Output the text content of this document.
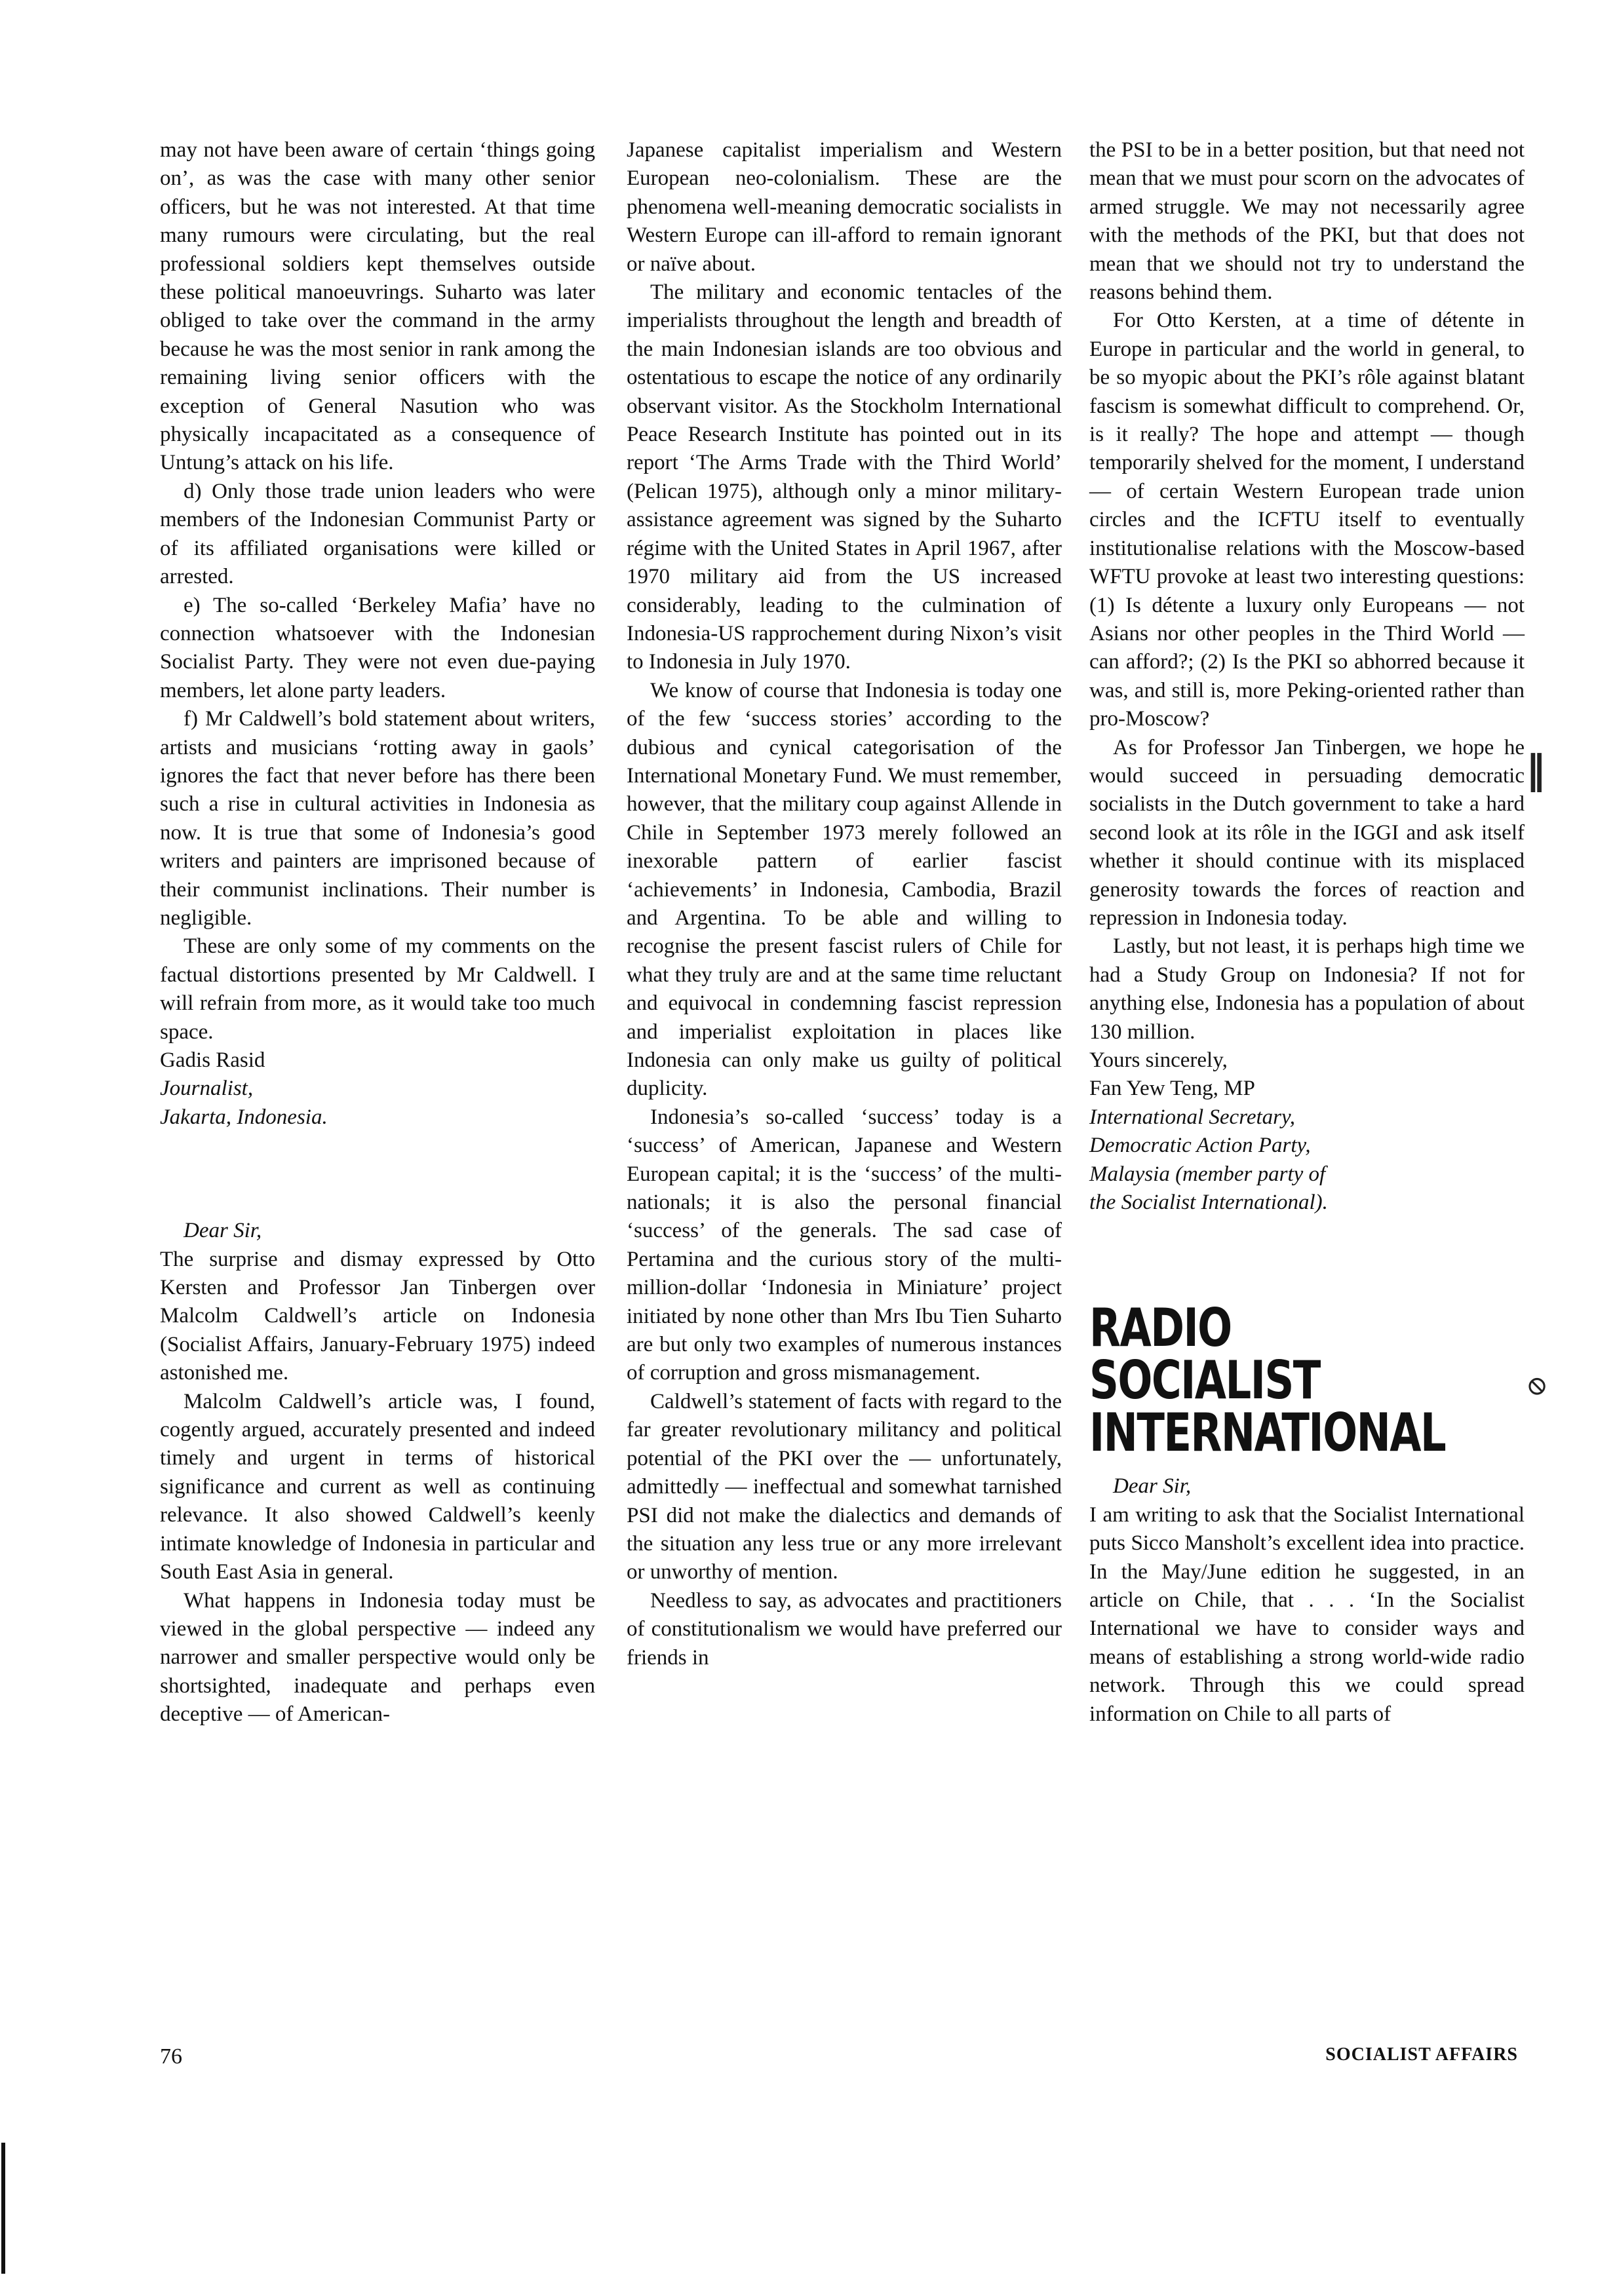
may not have been aware of certain ‘things going on’, as was the case with many other senior officers, but he was not interested. At that time many rumours were circulating, but the real professional soldiers kept themselves outside these political manoeuvrings. Suharto was later obliged to take over the command in the army because he was the most senior in rank among the remaining living senior officers with the exception of General Nasution who was physically incapacitated as a consequence of Untung’s attack on his life.

d) Only those trade union leaders who were members of the Indonesian Communist Party or of its affiliated organisations were killed or arrested.

e) The so-called ‘Berkeley Mafia’ have no connection whatsoever with the Indonesian Socialist Party. They were not even due-paying members, let alone party leaders.

f) Mr Caldwell’s bold statement about writers, artists and musicians ‘rotting away in gaols’ ignores the fact that never before has there been such a rise in cultural activities in Indonesia as now. It is true that some of Indonesia’s good writers and painters are imprisoned because of their communist inclinations. Their number is negligible.

These are only some of my comments on the factual distortions presented by Mr Caldwell. I will refrain from more, as it would take too much space.

Gadis Rasid

Journalist,

Jakarta, Indonesia.

Dear Sir,

The surprise and dismay expressed by Otto Kersten and Professor Jan Tinbergen over Malcolm Caldwell’s article on Indonesia (Socialist Affairs, January-February 1975) indeed astonished me.

Malcolm Caldwell’s article was, I found, cogently argued, accurately presented and indeed timely and urgent in terms of historical significance and current as well as continuing relevance. It also showed Caldwell’s keenly intimate knowledge of Indonesia in particular and South East Asia in general.

What happens in Indonesia today must be viewed in the global perspective — indeed any narrower and smaller perspective would only be shortsighted, inadequate and perhaps even deceptive — of American-

Japanese capitalist imperialism and Western European neo-colonialism. These are the phenomena well-meaning democratic socialists in Western Europe can ill-afford to remain ignorant or naïve about.

The military and economic tentacles of the imperialists throughout the length and breadth of the main Indonesian islands are too obvious and ostentatious to escape the notice of any ordinarily observant visitor. As the Stockholm International Peace Research Institute has pointed out in its report ‘The Arms Trade with the Third World’ (Pelican 1975), although only a minor military-assistance agreement was signed by the Suharto régime with the United States in April 1967, after 1970 military aid from the US increased considerably, leading to the culmination of Indonesia-US rapprochement during Nixon’s visit to Indonesia in July 1970.

We know of course that Indonesia is today one of the few ‘success stories’ according to the dubious and cynical categorisation of the International Monetary Fund. We must remember, however, that the military coup against Allende in Chile in September 1973 merely followed an inexorable pattern of earlier fascist ‘achievements’ in Indonesia, Cambodia, Brazil and Argentina. To be able and willing to recognise the present fascist rulers of Chile for what they truly are and at the same time reluctant and equivocal in condemning fascist repression and imperialist exploitation in places like Indonesia can only make us guilty of political duplicity.

Indonesia’s so-called ‘success’ today is a ‘success’ of American, Japanese and Western European capital; it is the ‘success’ of the multi-nationals; it is also the personal financial ‘success’ of the generals. The sad case of Pertamina and the curious story of the multi-million-dollar ‘Indonesia in Miniature’ project initiated by none other than Mrs Ibu Tien Suharto are but only two examples of numerous instances of corruption and gross mismanagement.

Caldwell’s statement of facts with regard to the far greater revolutionary militancy and political potential of the PKI over the — unfortunately, admittedly — ineffectual and somewhat tarnished PSI did not make the dialectics and demands of the situation any less true or any more irrelevant or unworthy of mention.

Needless to say, as advocates and practitioners of constitutionalism we would have preferred our friends in

the PSI to be in a better position, but that need not mean that we must pour scorn on the advocates of armed struggle. We may not necessarily agree with the methods of the PKI, but that does not mean that we should not try to understand the reasons behind them.

For Otto Kersten, at a time of détente in Europe in particular and the world in general, to be so myopic about the PKI’s rôle against blatant fascism is somewhat difficult to comprehend. Or, is it really? The hope and attempt — though temporarily shelved for the moment, I understand — of certain Western European trade union circles and the ICFTU itself to eventually institutionalise relations with the Moscow-based WFTU provoke at least two interesting questions: (1) Is détente a luxury only Europeans — not Asians nor other peoples in the Third World — can afford?; (2) Is the PKI so abhorred because it was, and still is, more Peking-oriented rather than pro-Moscow?

As for Professor Jan Tinbergen, we hope he would succeed in persuading democratic socialists in the Dutch government to take a hard second look at its rôle in the IGGI and ask itself whether it should continue with its misplaced generosity towards the forces of reaction and repression in Indonesia today.

Lastly, but not least, it is perhaps high time we had a Study Group on Indonesia? If not for anything else, Indonesia has a population of about 130 million.

Yours sincerely,

Fan Yew Teng, MP

International Secretary,

Democratic Action Party,

Malaysia (member party of

the Socialist International).

RADIO
SOCIALIST
INTERNATIONAL

Dear Sir,

I am writing to ask that the Socialist International puts Sicco Mansholt’s excellent idea into practice. In the May/June edition he suggested, in an article on Chile, that . . . ‘In the Socialist International we have to consider ways and means of establishing a strong world-wide radio network. Through this we could spread information on Chile to all parts of

76	SOCIALIST AFFAIRS
‖
⦸
